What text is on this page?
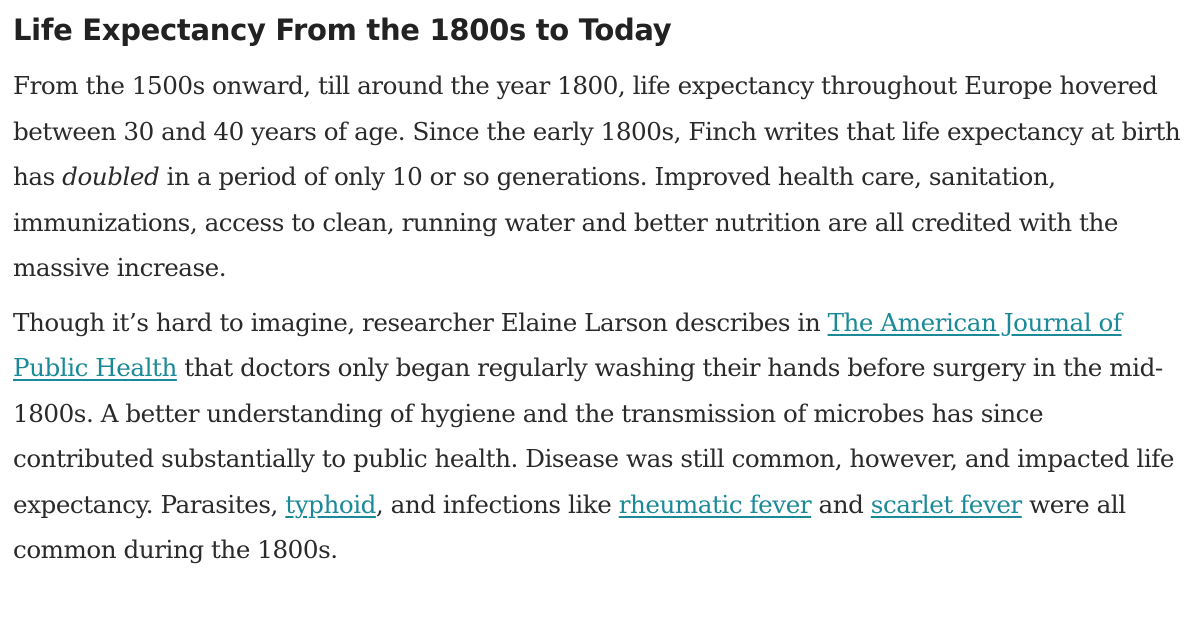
Life Expectancy From the 1800s to Today

From the 1500s onward, till around the year 1800, life expectancy throughout Europe hovered between 30 and 40 years of age. Since the early 1800s, Finch writes that life expectancy at birth has doubled in a period of only 10 or so generations. Improved health care, sanitation, immunizations, access to clean, running water and better nutrition are all credited with the massive increase.

Though it’s hard to imagine, researcher Elaine Larson describes in The American Journal of Public Health that doctors only began regularly washing their hands before surgery in the mid-1800s. A better understanding of hygiene and the transmission of microbes has since contributed substantially to public health. Disease was still common, however, and impacted life expectancy. Parasites, typhoid, and infections like rheumatic fever and scarlet fever were all common during the 1800s.
